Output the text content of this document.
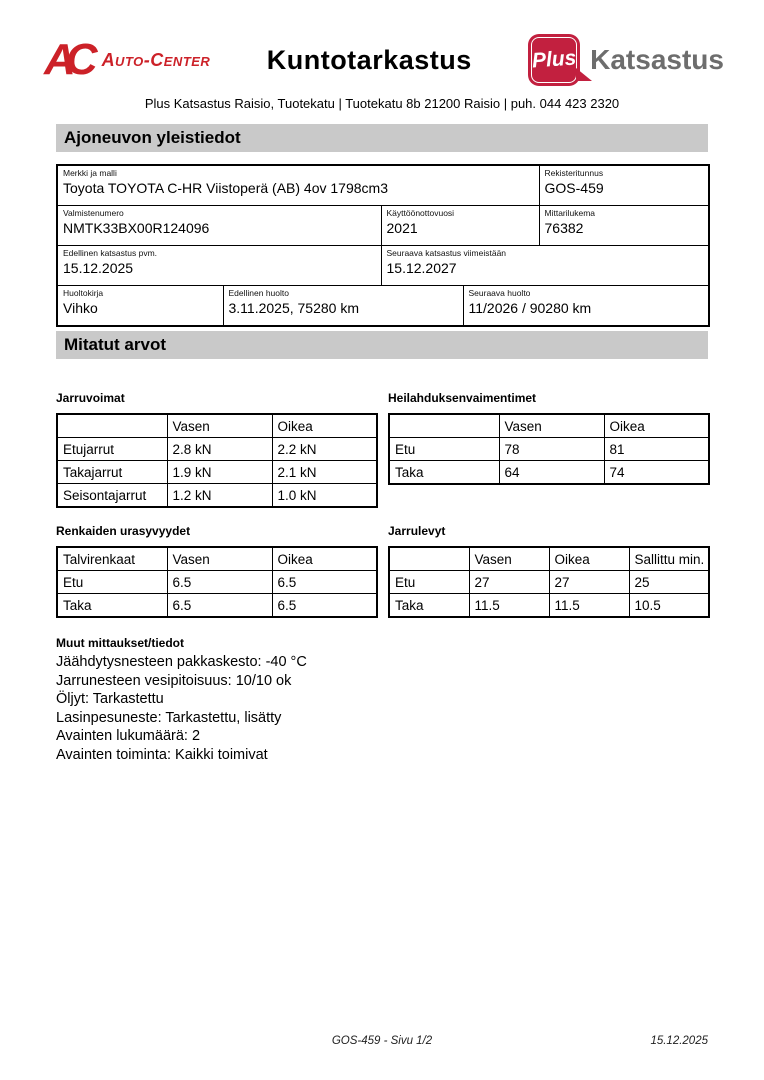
AC Auto-Center Kuntotarkastus	Plus Katsastus
Plus Katsastus Raisio, Tuotekatu | Tuotekatu 8b 21200 Raisio | puh. 044 423 2320
Ajoneuvon yleistiedot
Merkki ja malli
Toyota TOYOTA C-HR Viistoperä (AB) 4ov 1798cm3

Rekisteritunnus
GOS-459

Valmistenumero
NMTK33BX00R124096

Käyttöönottovuosi
2021

Mittarilukema
76382

Edellinen katsastus pvm.
15.12.2025

Seuraava katsastus viimeistään
15.12.2027

Huoltokirja
Vihko

Edellinen huolto
3.11.2025, 75280 km

Seuraava huolto
11/2026 / 90280 km
Mitatut arvot
Jarruvoimat
	Vasen	Oikea
Etujarrut	2.8 kN	2.2 kN
Takajarrut	1.9 kN	2.1 kN
Seisontajarrut	1.2 kN	1.0 kN
Heilahduksenvaimentimet
	Vasen	Oikea
Etu	78	81
Taka	64	74
Renkaiden urasyvyydet
Talvirenkaat	Vasen	Oikea
Etu	6.5	6.5
Taka	6.5	6.5
Jarrulevyt
	Vasen	Oikea	Sallittu min.
Etu	27	27	25
Taka	11.5	11.5	10.5
Muut mittaukset/tiedot
Jäähdytysnesteen pakkaskesto: -40 °C
Jarrunesteen vesipitoisuus: 10/10 ok
Öljyt: Tarkastettu
Lasinpesuneste: Tarkastettu, lisätty
Avainten lukumäärä: 2
Avainten toiminta: Kaikki toimivat
GOS-459 - Sivu 1/2	15.12.2025
